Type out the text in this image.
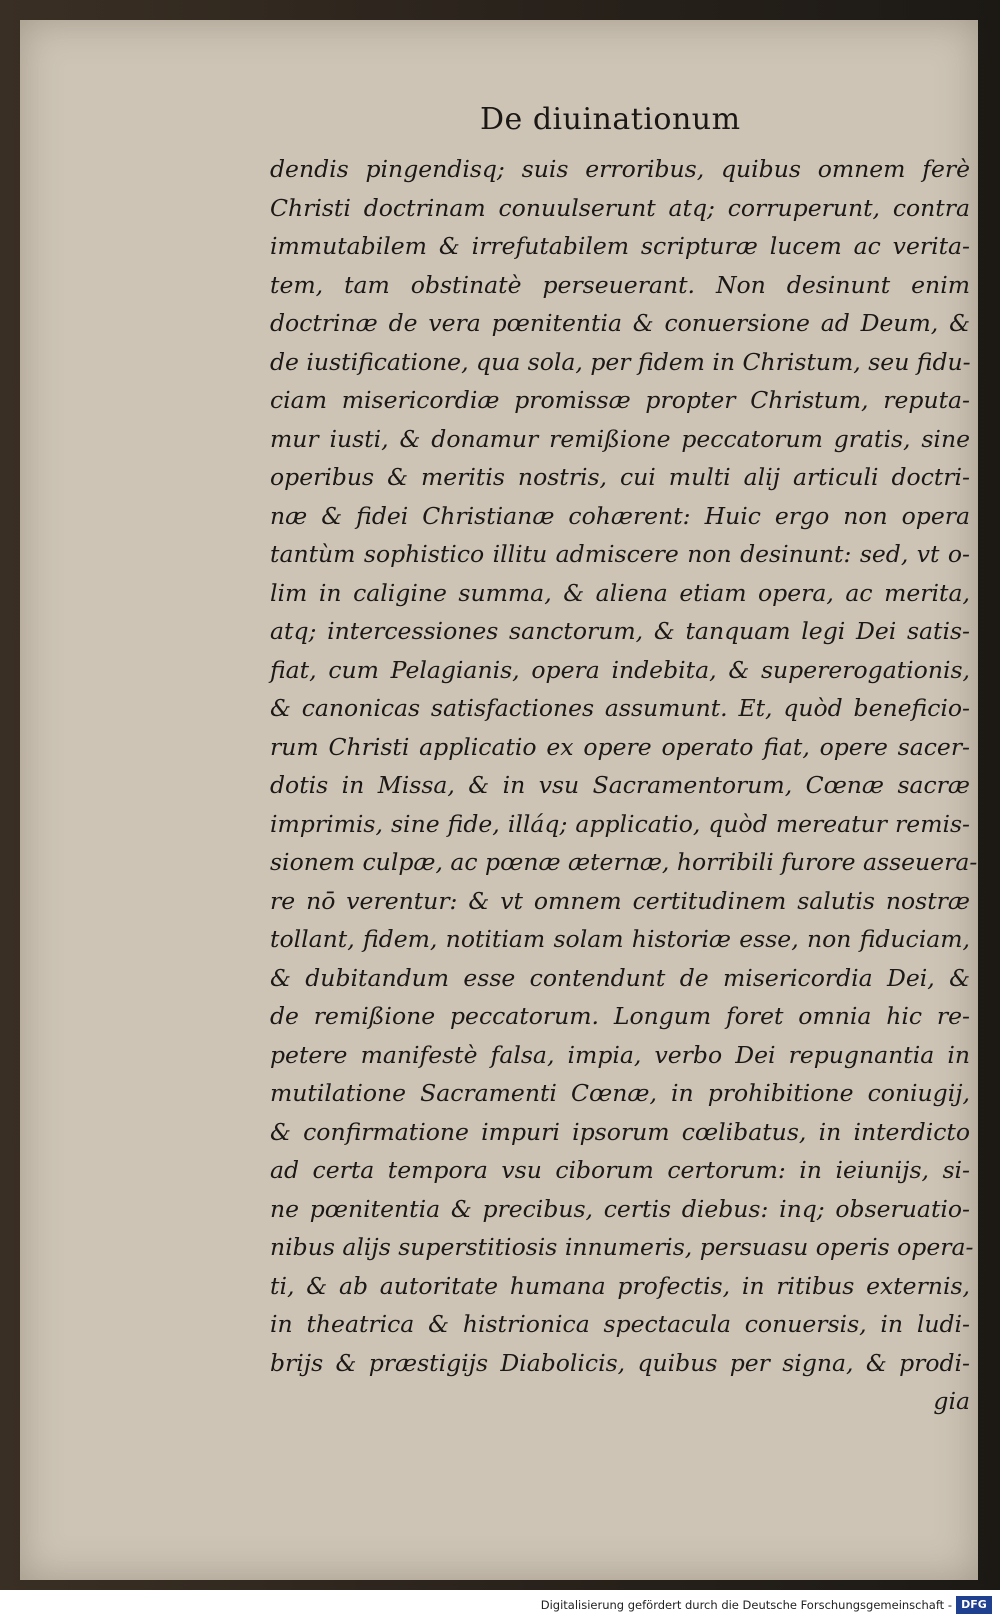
De diuinationum
dendis pingendisq; suis erroribus, quibus omnem ferè
Christi doctrinam conuulserunt atq; corruperunt, contra
immutabilem & irrefutabilem scripturæ lucem ac verita-
tem, tam obstinatè perseuerant. Non desinunt enim
doctrinæ de vera pœnitentia & conuersione ad Deum, &
de iustificatione, qua sola, per fidem in Christum, seu fidu-
ciam misericordiæ promissæ propter Christum, reputa-
mur iusti, & donamur remißione peccatorum gratis, sine
operibus & meritis nostris, cui multi alij articuli doctri-
næ & fidei Christianæ cohærent: Huic ergo non opera
tantùm sophistico illitu admiscere non desinunt: sed, vt o-
lim in caligine summa, & aliena etiam opera, ac merita,
atq; intercessiones sanctorum, & tanquam legi Dei satis-
fiat, cum Pelagianis, opera indebita, & supererogationis,
& canonicas satisfactiones assumunt. Et, quòd beneficio-
rum Christi applicatio ex opere operato fiat, opere sacer-
dotis in Missa, & in vsu Sacramentorum, Cœnæ sacræ
imprimis, sine fide, illáq; applicatio, quòd mereatur remis-
sionem culpæ, ac pœnæ æternæ, horribili furore asseuera-
re nō verentur: & vt omnem certitudinem salutis nostræ
tollant, fidem, notitiam solam historiæ esse, non fiduciam,
& dubitandum esse contendunt de misericordia Dei, &
de remißione peccatorum. Longum foret omnia hic re-
petere manifestè falsa, impia, verbo Dei repugnantia in
mutilatione Sacramenti Cœnæ, in prohibitione coniugij,
& confirmatione impuri ipsorum cœlibatus, in interdicto
ad certa tempora vsu ciborum certorum: in ieiunijs, si-
ne pœnitentia & precibus, certis diebus: inq; obseruatio-
nibus alijs superstitiosis innumeris, persuasu operis opera-
ti, & ab autoritate humana profectis, in ritibus externis,
in theatrica & histrionica spectacula conuersis, in ludi-
brijs & præstigijs Diabolicis, quibus per signa, & prodi-
gia
Digitalisierung gefördert durch die Deutsche Forschungsgemeinschaft - DFG
